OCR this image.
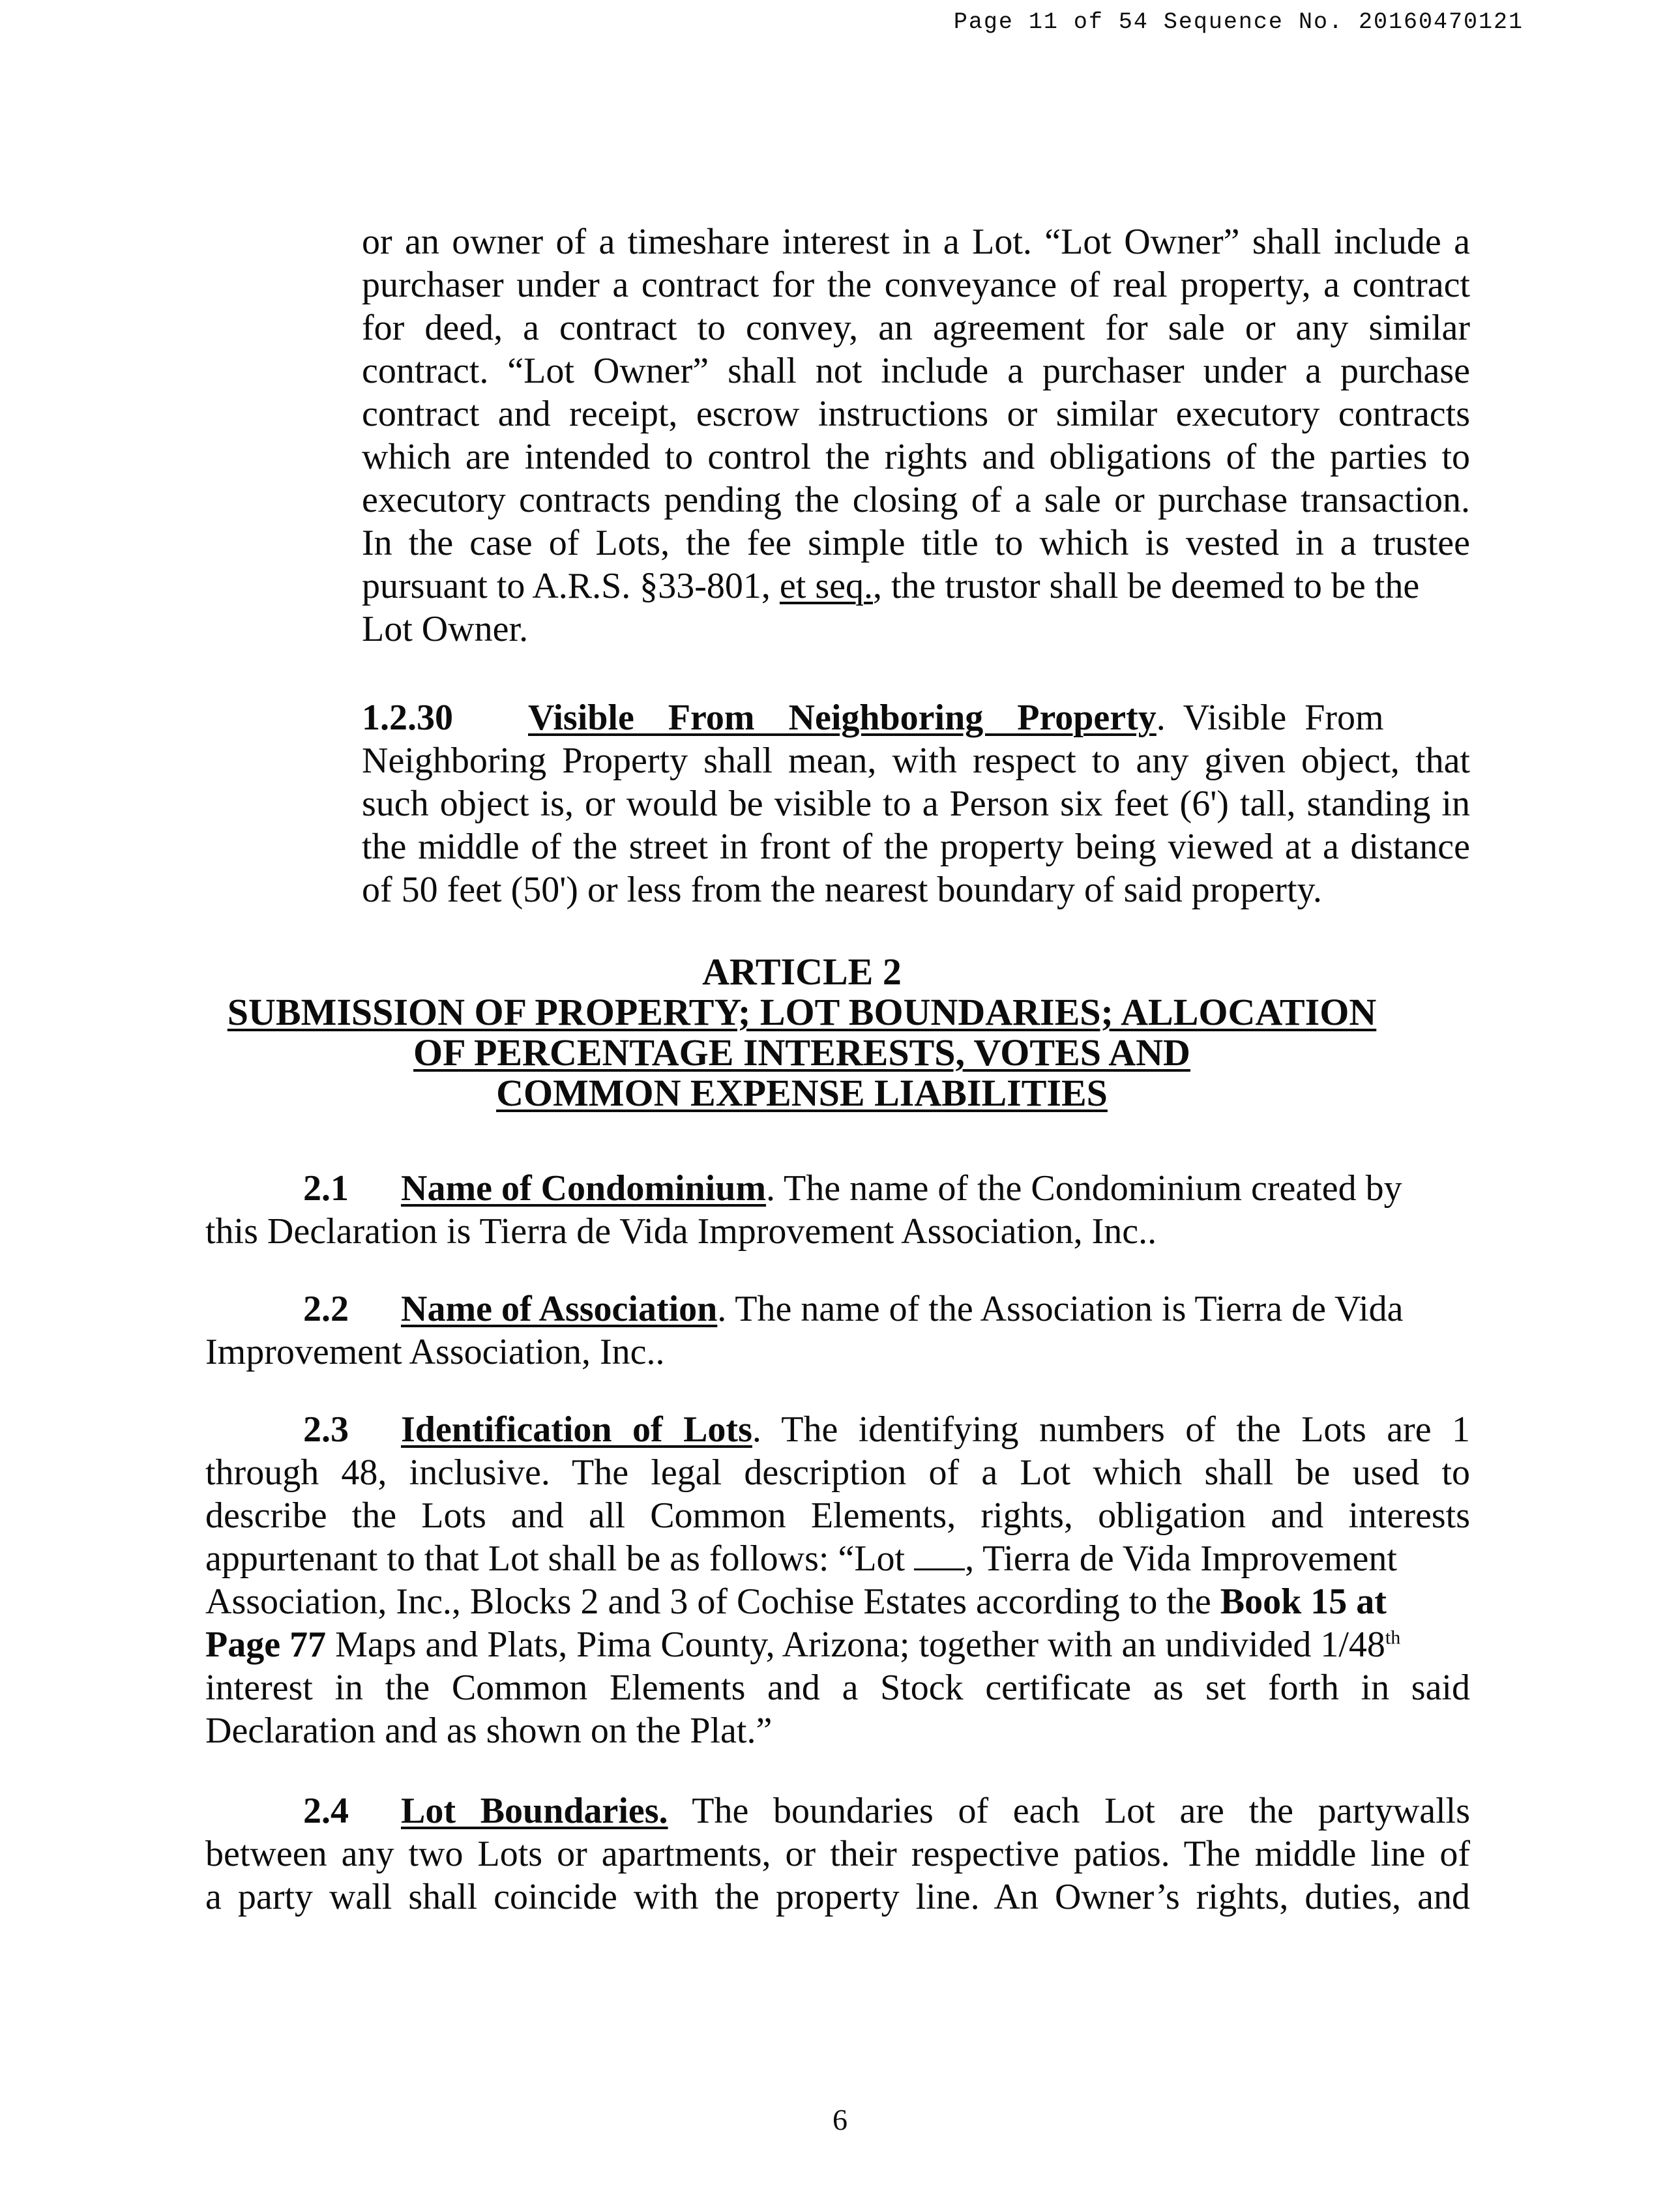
Page 11 of 54 Sequence No. 20160470121
or an owner of a timeshare interest in a Lot. “Lot Owner” shall include a
purchaser under a contract for the conveyance of real property, a contract
for deed, a contract to convey, an agreement for sale or any similar
contract. “Lot Owner” shall not include a purchaser under a purchase
contract and receipt, escrow instructions or similar executory contracts
which are intended to control the rights and obligations of the parties to
executory contracts pending the closing of a sale or purchase transaction.
In the case of Lots, the fee simple title to which is vested in a trustee
pursuant to A.R.S. §33-801, et seq., the trustor shall be deemed to be the
Lot Owner.
1.2.30 Visible From Neighboring Property. Visible From
Neighboring Property shall mean, with respect to any given object, that
such object is, or would be visible to a Person six feet (6') tall, standing in
the middle of the street in front of the property being viewed at a distance
of 50 feet (50') or less from the nearest boundary of said property.
ARTICLE 2
SUBMISSION OF PROPERTY; LOT BOUNDARIES; ALLOCATION
OF PERCENTAGE INTERESTS, VOTES AND
COMMON EXPENSE LIABILITIES
2.1 Name of Condominium. The name of the Condominium created by
this Declaration is Tierra de Vida Improvement Association, Inc..
2.2 Name of Association. The name of the Association is Tierra de Vida
Improvement Association, Inc..
2.3 Identification of Lots. The identifying numbers of the Lots are 1
through 48, inclusive. The legal description of a Lot which shall be used to
describe the Lots and all Common Elements, rights, obligation and interests
appurtenant to that Lot shall be as follows: “Lot , Tierra de Vida Improvement
Association, Inc., Blocks 2 and 3 of Cochise Estates according to the Book 15 at
Page 77 Maps and Plats, Pima County, Arizona; together with an undivided 1/48th
interest in the Common Elements and a Stock certificate as set forth in said
Declaration and as shown on the Plat.”
2.4 Lot Boundaries. The boundaries of each Lot are the partywalls
between any two Lots or apartments, or their respective patios. The middle line of
a party wall shall coincide with the property line. An Owner’s rights, duties, and
6
